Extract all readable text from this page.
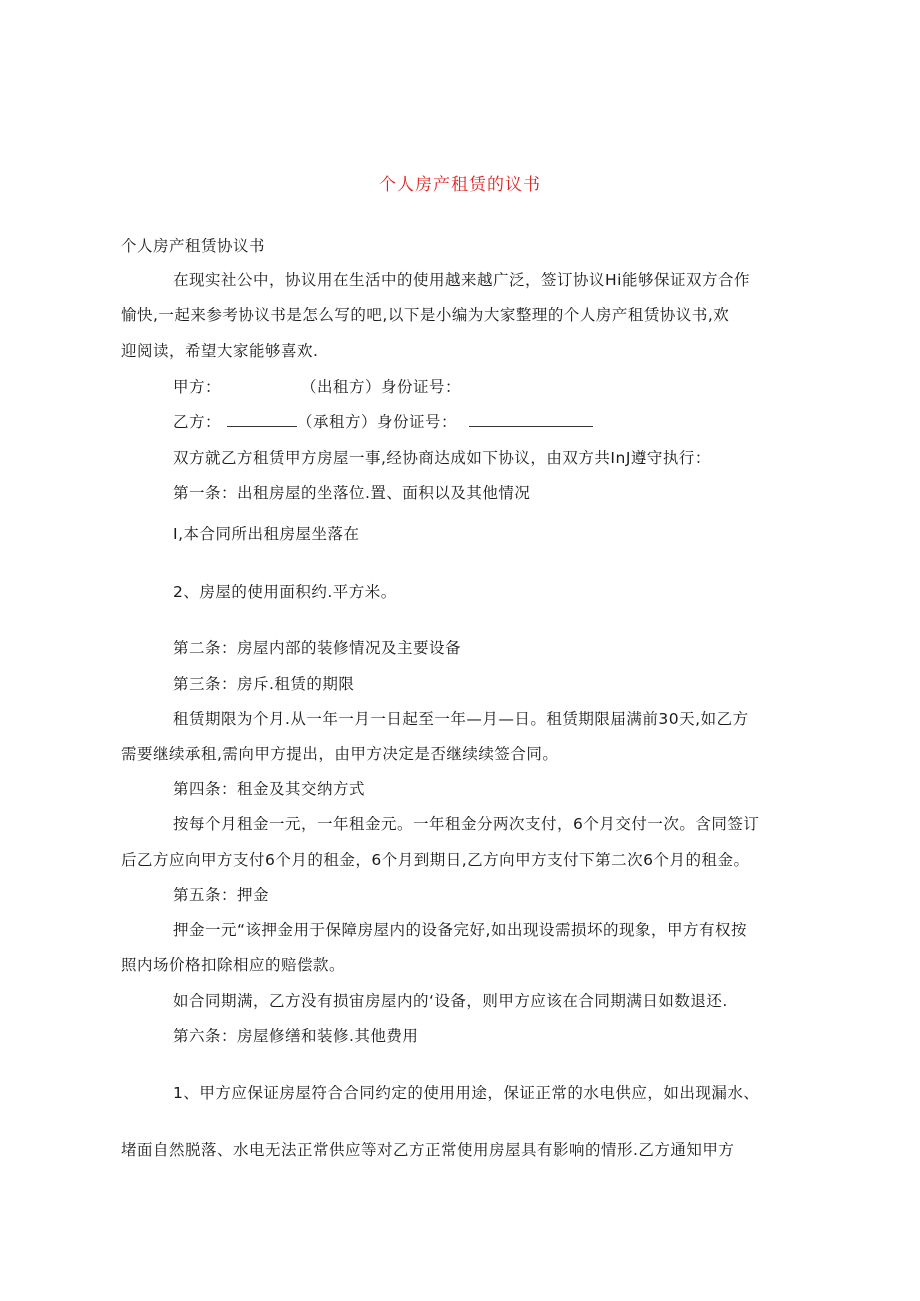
个人房产租赁的议书
个人房产租赁协议书
在现实社公中，协议用在生活中的使用越来越广泛，签订协议Hi能够保证双方合作
愉快,一起来参考协议书是怎么写的吧,以下是小编为大家整理的个人房产租赁协议书,欢
迎阅读，希望大家能够喜欢.
甲方：	（出租方）身份证号：
乙方：	（承租方）身份证号：
双方就乙方租赁甲方房屋一事,经协商达成如下协议，由双方共InJ遵守执行：
第一条：出租房屋的坐落位.置、面积以及其他情况
I,本合同所出租房屋坐落在
2、房屋的使用面积约.平方米。
第二条：房屋内部的装修情况及主要设备
第三条：房斥.租赁的期限
租赁期限为个月.从一年一月一日起至一年—月—日。租赁期限届满前30天,如乙方
需要继续承租,需向甲方提出，由甲方决定是否继续续签合同。
第四条：租金及其交纳方式
按每个月租金一元，一年租金元。一年租金分两次支付，6个月交付一次。含同签订
后乙方应向甲方支付6个月的租金，6个月到期日,乙方向甲方支付下第二次6个月的租金。
第五条：押金
押金一元“该押金用于保障房屋内的设备完好,如出现设需损坏的现象，甲方有权按
照内场价格扣除相应的赔偿款。
如合同期满，乙方没有损宙房屋内的‘设备，则甲方应该在合同期满日如数退还.
第六条：房屋修缮和装修.其他费用
1、甲方应保证房屋符合合同约定的使用用途，保证正常的水电供应，如出现漏水、
堵面自然脱落、水电无法正常供应等对乙方正常使用房屋具有影响的情形.乙方通知甲方
